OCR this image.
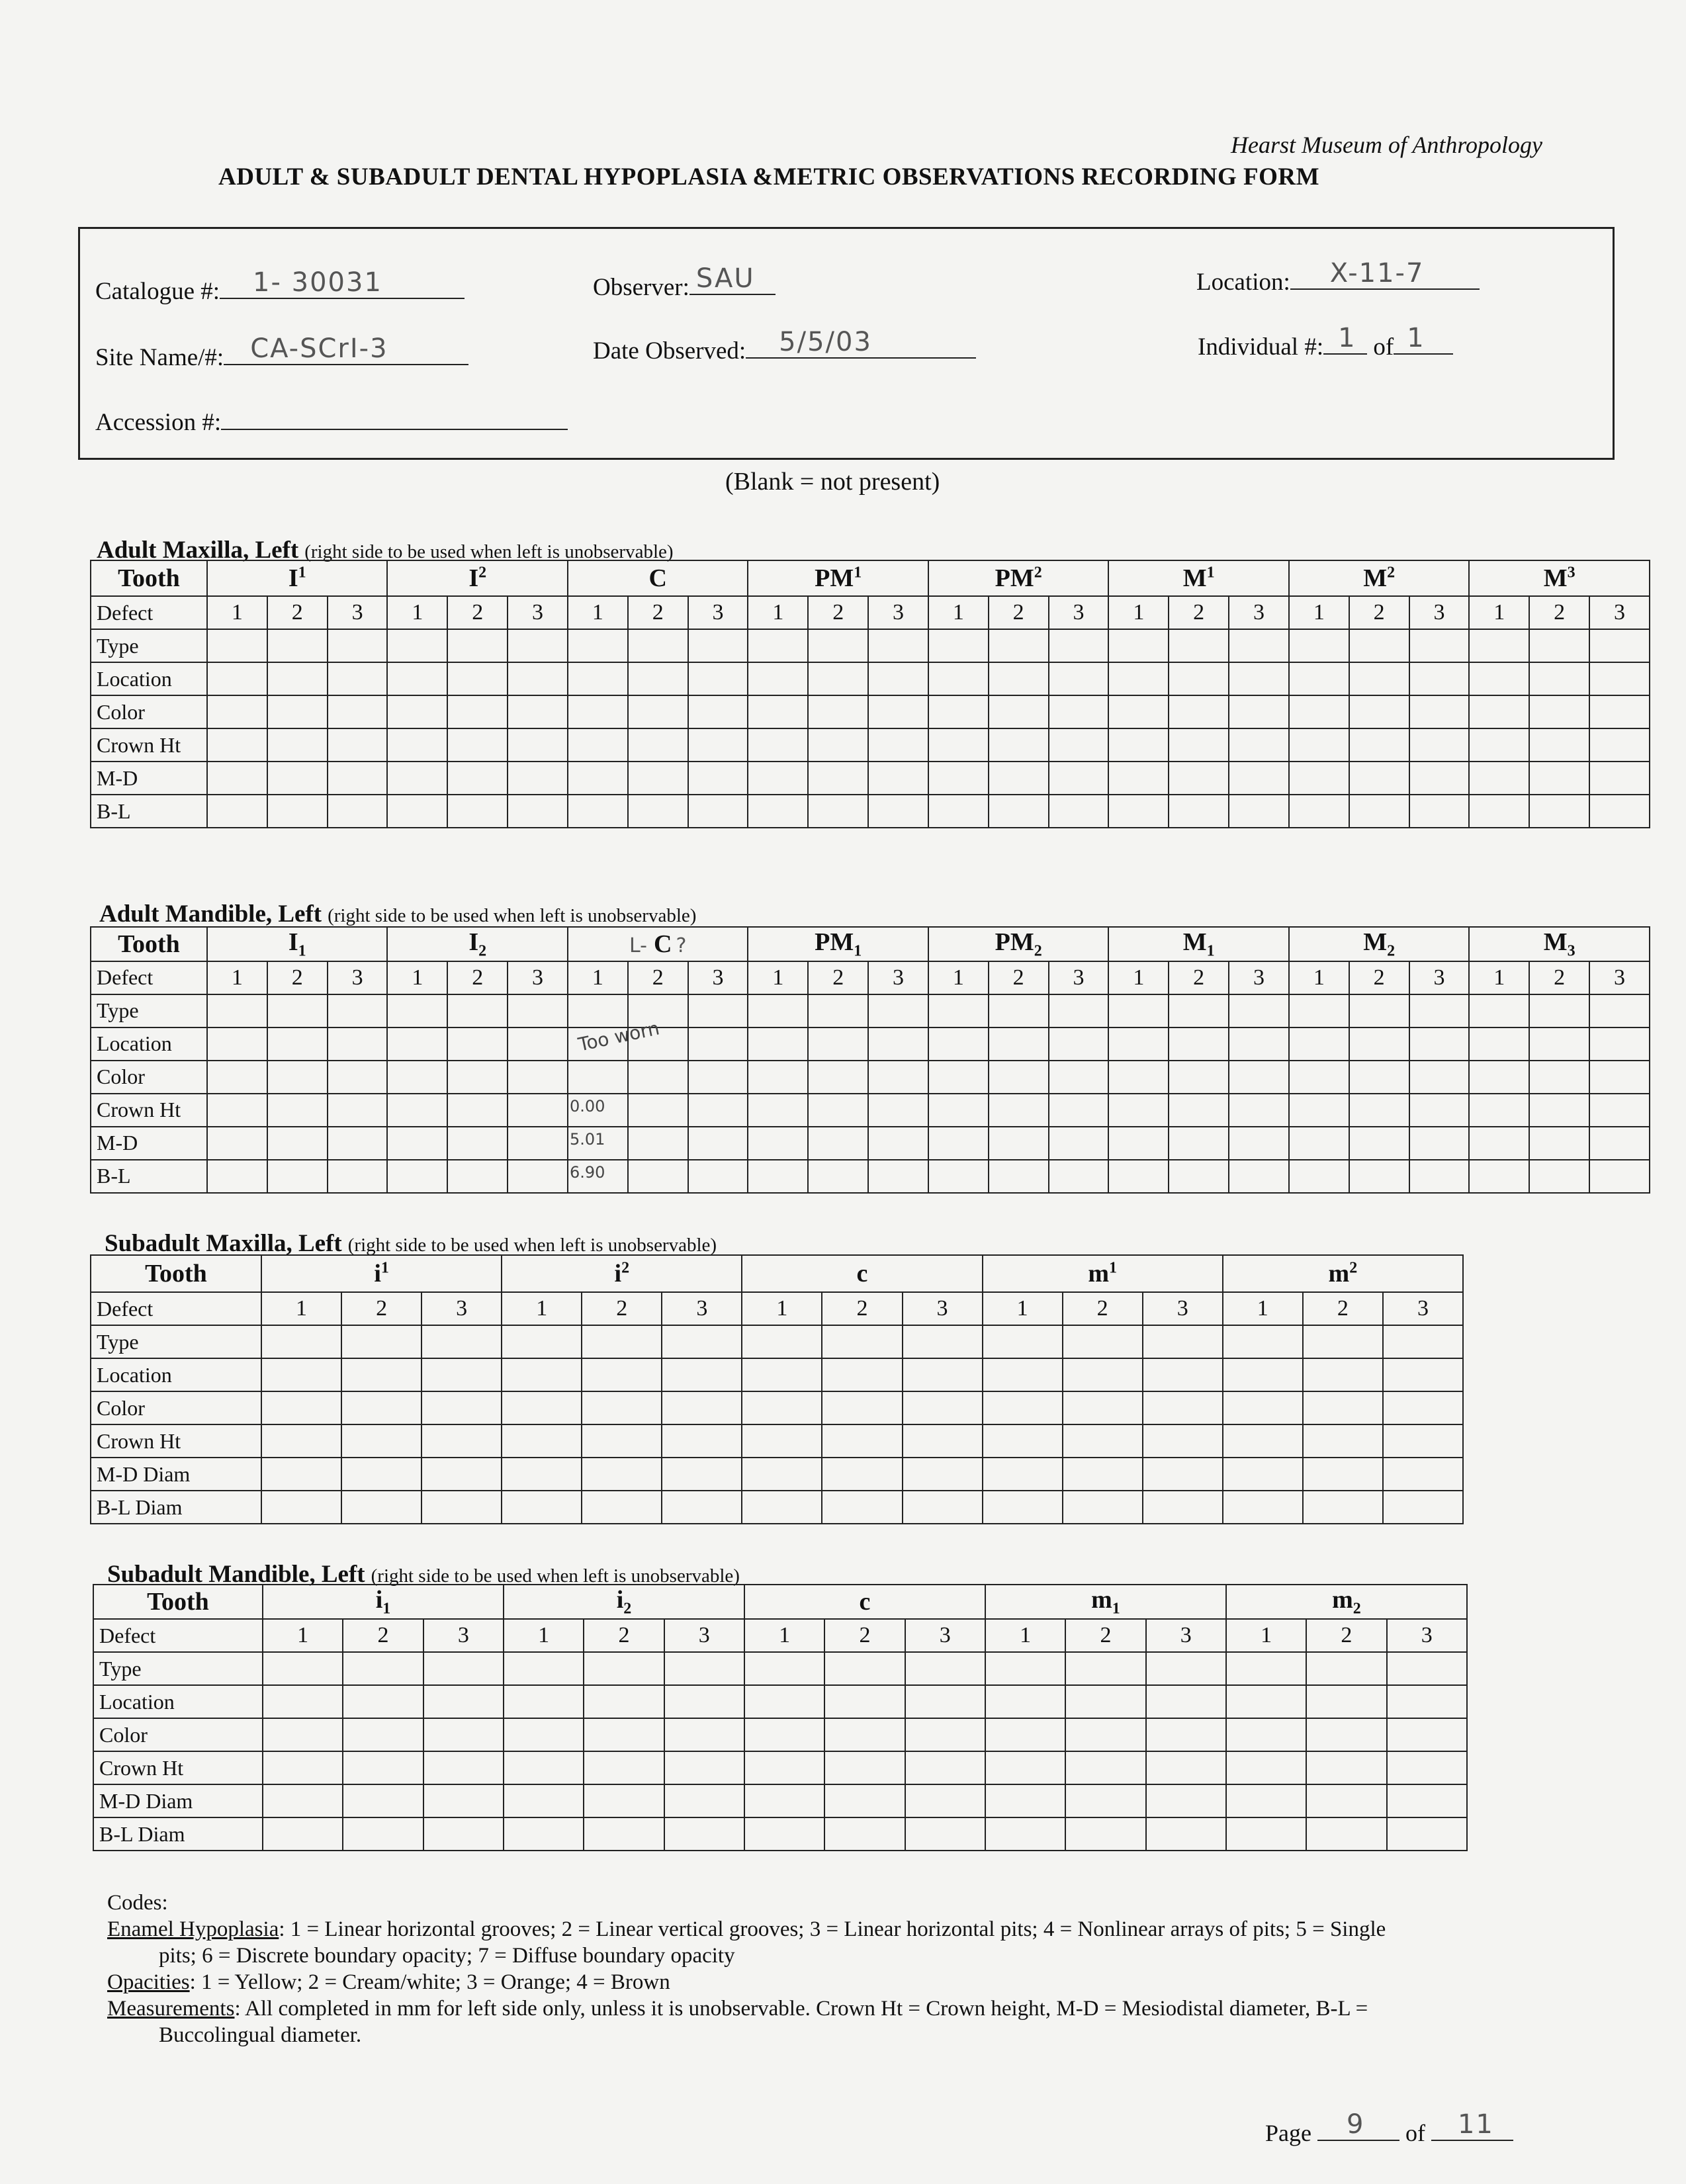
Hearst Museum of Anthropology
ADULT & SUBADULT DENTAL HYPOPLASIA &METRIC OBSERVATIONS RECORDING FORM
Catalogue #: 1- 30031	Observer: SAU	Location: X-11-7
Site Name/#: CA-SCrI-3	Date Observed: 5/5/03	Individual #: 1 of 1
Accession #:
(Blank = not present)
Adult Maxilla, Left (right side to be used when left is unobservable)
Adult Mandible, Left (right side to be used when left is unobservable)
Subadult Maxilla, Left (right side to be used when left is unobservable)
Subadult Mandible, Left (right side to be used when left is unobservable)
Tooth	$I^1$			$I^2$			C			$PM^1$			$PM^2$			$M^1$			$M^2$			$M^3$
Defect	1	2	3	1	2	3	1	2	3	1	2	3	1	2	3	1	2	3	1	2	3	1	2	3
Type																								
Location																								
Color																								
Crown Ht																								
M-D																								
B-L																								
Tooth	$I_1$			$I_2$			L- C ?			$PM_1$			$PM_2$			$M_1$			$M_2$			$M_3$
Defect	1	2	3	1	2	3	1	2	3	1	2	3	1	2	3	1	2	3	1	2	3	1	2	3
Type																								
Location							Too worn																	

Color																								
Crown Ht							0.00																	

M-D							5.01																	

B-L							6.90																	

Tooth	$i^1$			$i^2$			c			$m^1$			$m^2$
Defect	1	2	3	1	2	3	1	2	3	1	2	3	1	2	3
Type															
Location															
Color															
Crown Ht															
M-D Diam															
B-L Diam															
Tooth	$i_1$			$i_2$			c			$m_1$			$m_2$
Defect	1	2	3	1	2	3	1	2	3	1	2	3	1	2	3
Type															
Location															
Color															
Crown Ht															
M-D Diam															
B-L Diam															
Codes:
Enamel Hypoplasia: 1 = Linear horizontal grooves; 2 = Linear vertical grooves; 3 = Linear horizontal pits; 4 = Nonlinear arrays of pits; 5 = Single
pits; 6 = Discrete boundary opacity; 7 = Diffuse boundary opacity
Opacities: 1 = Yellow; 2 = Cream/white; 3 = Orange; 4 = Brown
Measurements: All completed in mm for left side only, unless it is unobservable. Crown Ht = Crown height, M-D = Mesiodistal diameter, B-L =
Buccolingual diameter.
Page 9 of 11
